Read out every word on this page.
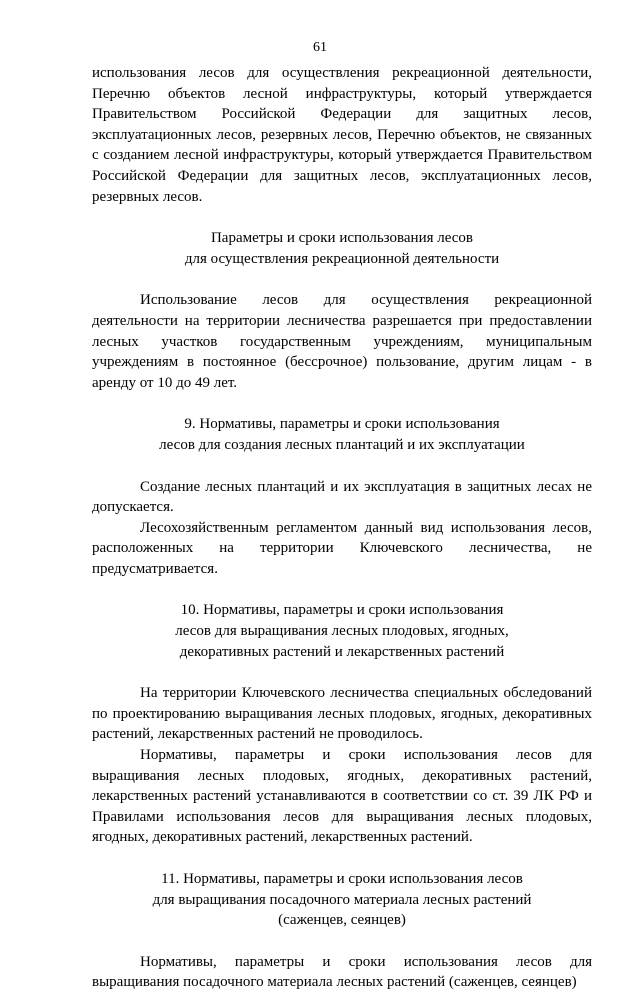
61

использования лесов для осуществления рекреационной деятельности, Перечню объектов лесной инфраструктуры, который утверждается Правительством Российской Федерации для защитных лесов, эксплуатационных лесов, резервных лесов, Перечню объектов, не связанных с созданием лесной инфраструктуры, который утверждается Правительством Российской Федерации для защитных лесов, эксплуатационных лесов, резервных лесов.

Параметры и сроки использования лесов

для осуществления рекреационной деятельности

Использование лесов для осуществления рекреационной деятельности на территории лесничества разрешается при предоставлении лесных участков государственным учреждениям, муниципальным учреждениям в постоянное (бессрочное) пользование, другим лицам - в аренду от 10 до 49 лет.

9. Нормативы, параметры и сроки использования

лесов для создания лесных плантаций и их эксплуатации

Создание лесных плантаций и их эксплуатация в защитных лесах не допускается.

Лесохозяйственным регламентом данный вид использования лесов, расположенных на территории Ключевского лесничества, не предусматривается.

10. Нормативы, параметры и сроки использования

лесов для выращивания лесных плодовых, ягодных,

декоративных растений и лекарственных растений

На территории Ключевского лесничества специальных обследований по проектированию выращивания лесных плодовых, ягодных, декоративных растений, лекарственных растений не проводилось.

Нормативы, параметры и сроки использования лесов для выращивания лесных плодовых, ягодных, декоративных растений, лекарственных растений устанавливаются в соответствии со ст. 39 ЛК РФ и Правилами использования лесов для выращивания лесных плодовых, ягодных, декоративных растений, лекарственных растений.

11. Нормативы, параметры и сроки использования лесов

для выращивания посадочного материала лесных растений

(саженцев, сеянцев)

Нормативы, параметры и сроки использования лесов для выращивания посадочного материала лесных растений (саженцев, сеянцев)
